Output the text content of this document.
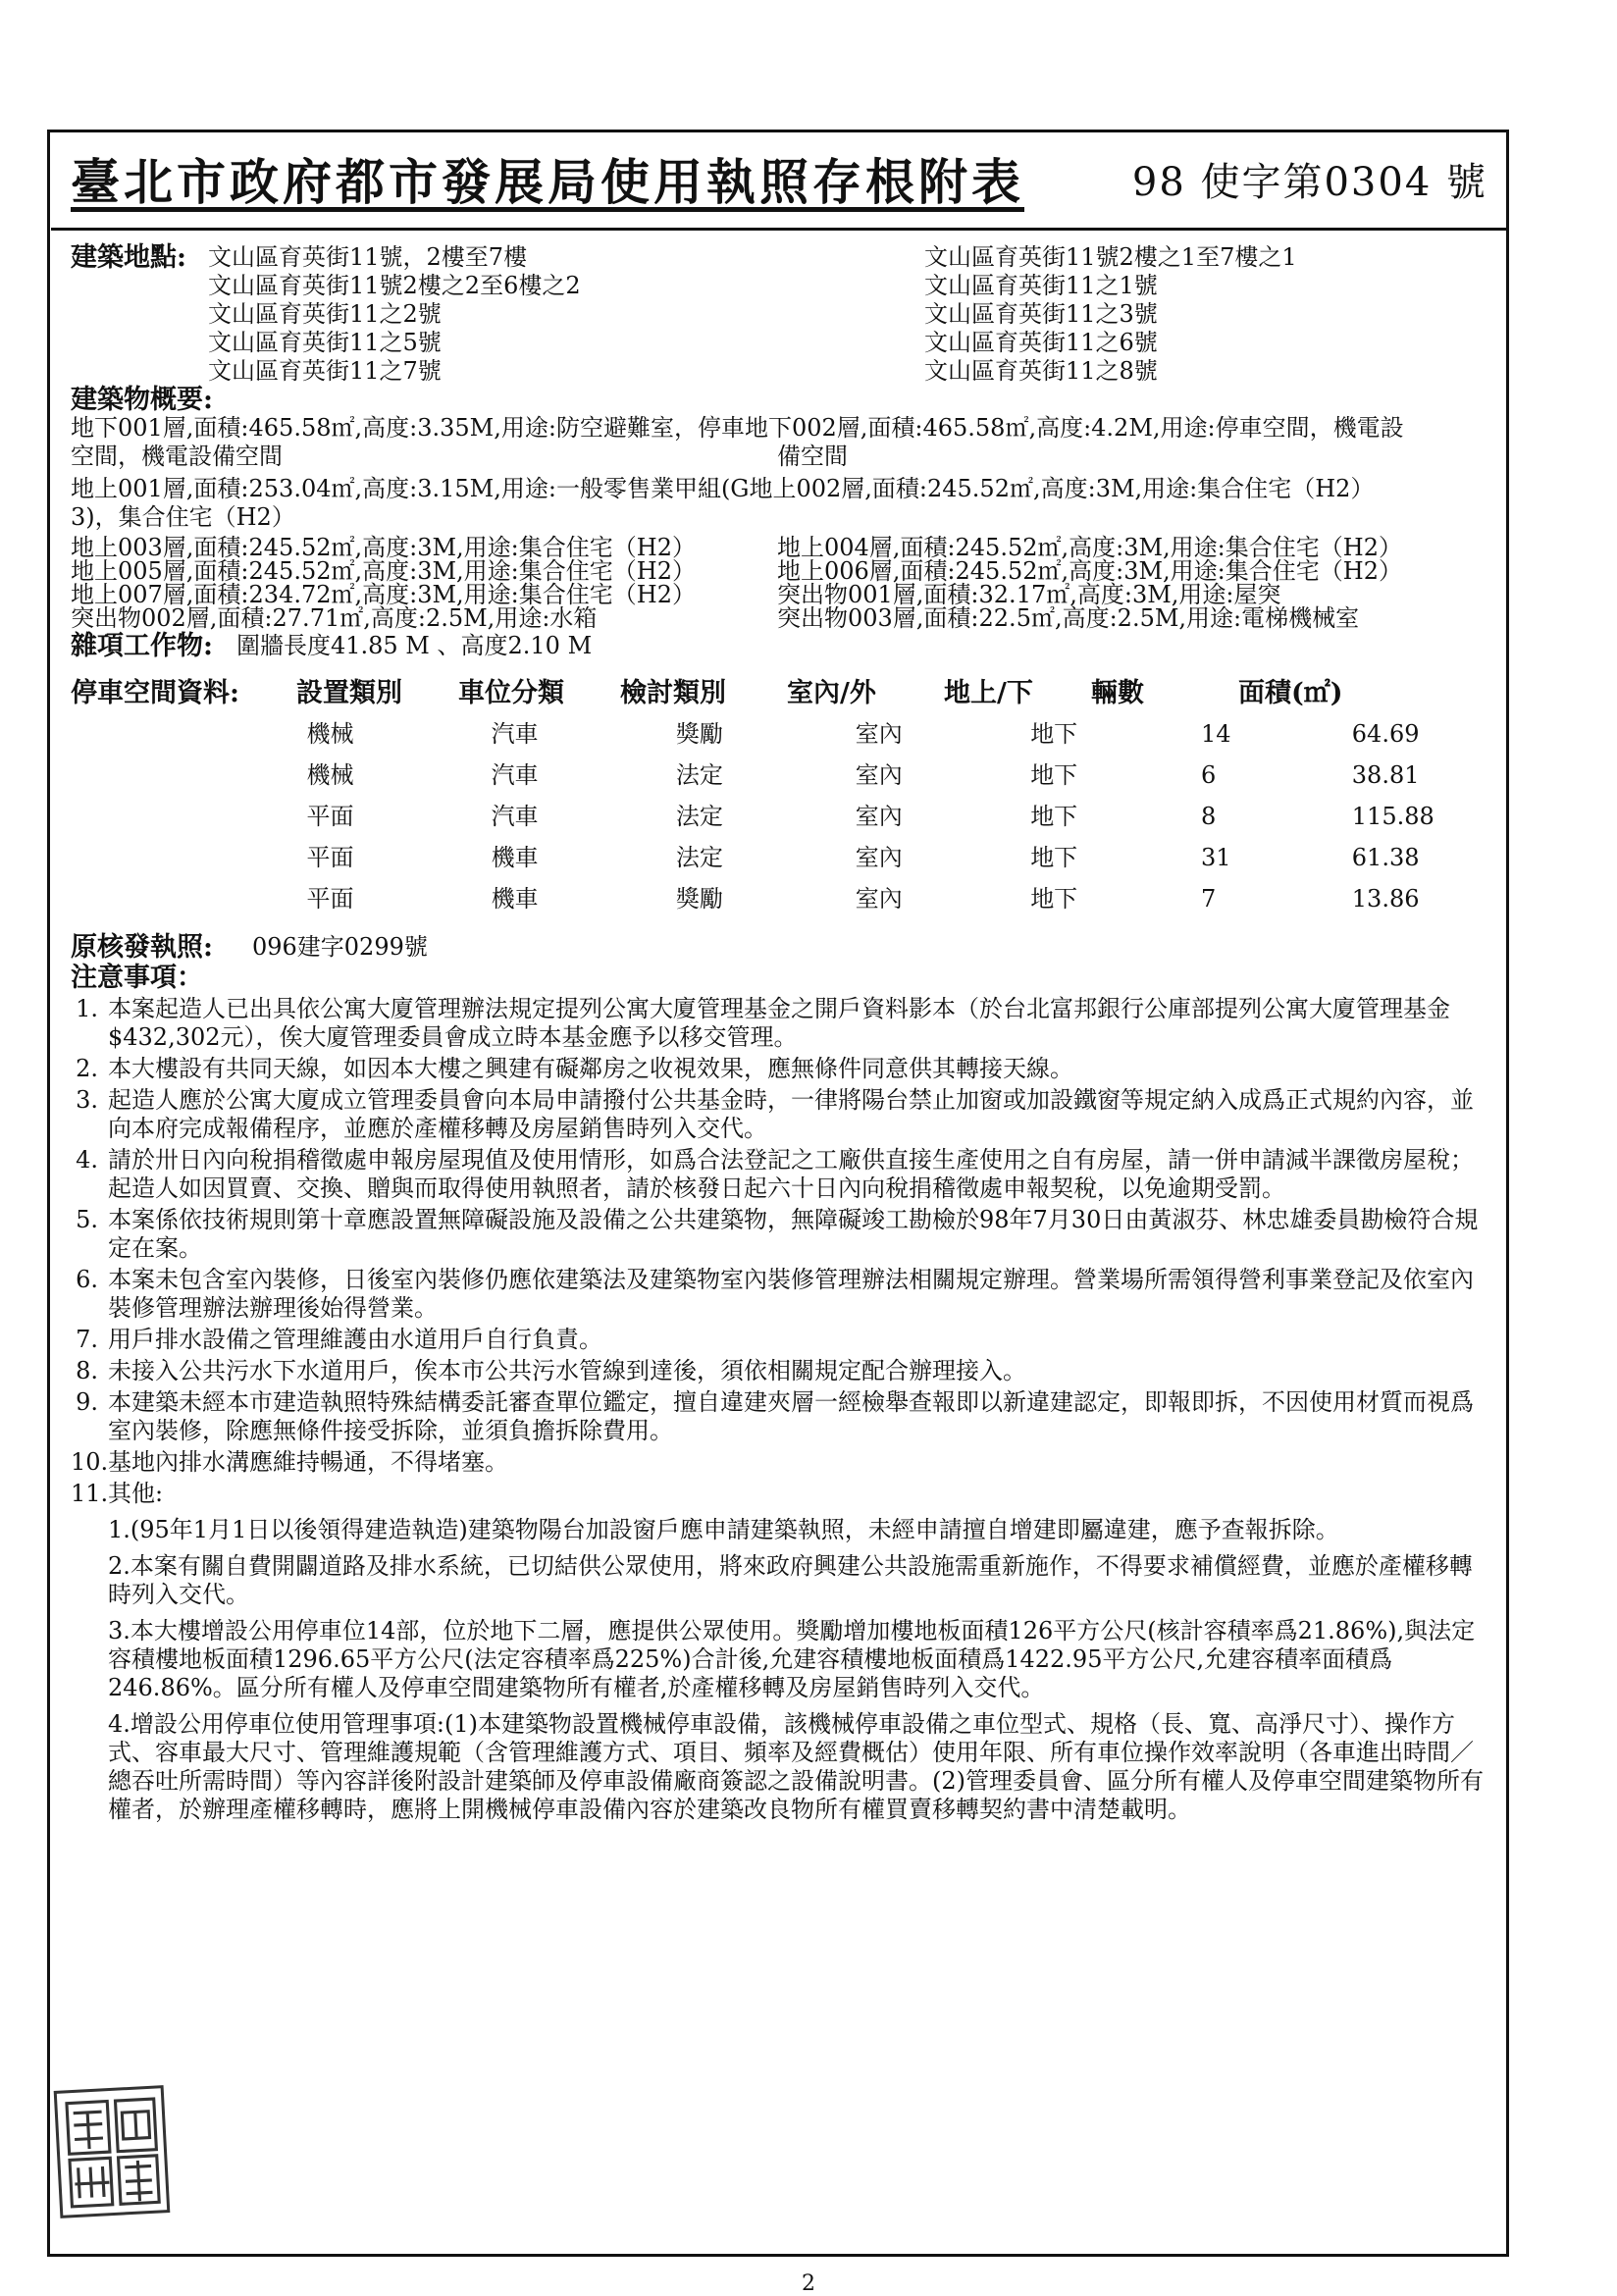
臺北市政府都市發展局使用執照存根附表	98 使字第0304 號
建築地點: 文山區育英街11號，2樓至7樓
文山區育英街11號2樓之2至6樓之2
文山區育英街11之2號
文山區育英街11之5號
文山區育英街11之7號
文山區育英街11號2樓之1至7樓之1
文山區育英街11之1號
文山區育英街11之3號
文山區育英街11之6號
文山區育英街11之8號
建築物概要:
地下001層,面積:465.58㎡,高度:3.35M,用途:防空避難室，停車地下002層,面積:465.58㎡,高度:4.2M,用途:停車空間，機電設
空間，機電設備空間	備空間
地上001層,面積:253.04㎡,高度:3.15M,用途:一般零售業甲組(G地上002層,面積:245.52㎡,高度:3M,用途:集合住宅（H2）
3)，集合住宅（H2）
地上003層,面積:245.52㎡,高度:3M,用途:集合住宅（H2）	地上004層,面積:245.52㎡,高度:3M,用途:集合住宅（H2）
地上005層,面積:245.52㎡,高度:3M,用途:集合住宅（H2）	地上006層,面積:245.52㎡,高度:3M,用途:集合住宅（H2）
地上007層,面積:234.72㎡,高度:3M,用途:集合住宅（H2）	突出物001層,面積:32.17㎡,高度:3M,用途:屋突
突出物002層,面積:27.71㎡,高度:2.5M,用途:水箱	突出物003層,面積:22.5㎡,高度:2.5M,用途:電梯機械室
雜項工作物: 圍牆長度41.85 M 、高度2.10 M
停車空間資料:	設置類別	車位分類	檢討類別	室內/外	地上/下	輛數	面積(㎡)
機械	汽車	獎勵	室內	地下	14	64.69
機械	汽車	法定	室內	地下	6	38.81
平面	汽車	法定	室內	地下	8	115.88
平面	機車	法定	室內	地下	31	61.38
平面	機車	獎勵	室內	地下	7	13.86
原核發執照: 096建字0299號
注意事項：
1. 本案起造人已出具依公寓大廈管理辦法規定提列公寓大廈管理基金之開戶資料影本（於台北富邦銀行公庫部提列公寓大廈管理基金$432,302元），俟大廈管理委員會成立時本基金應予以移交管理。
2. 本大樓設有共同天線，如因本大樓之興建有礙鄰房之收視效果，應無條件同意供其轉接天線。
3. 起造人應於公寓大廈成立管理委員會向本局申請撥付公共基金時，一律將陽台禁止加窗或加設鐵窗等規定納入成爲正式規約內容，並向本府完成報備程序，並應於產權移轉及房屋銷售時列入交代。
4. 請於卅日內向稅捐稽徵處申報房屋現值及使用情形，如爲合法登記之工廠供直接生產使用之自有房屋，請一併申請減半課徵房屋稅；起造人如因買賣、交換、贈與而取得使用執照者，請於核發日起六十日內向稅捐稽徵處申報契稅，以免逾期受罰。
5. 本案係依技術規則第十章應設置無障礙設施及設備之公共建築物，無障礙竣工勘檢於98年7月30日由黃淑芬、林忠雄委員勘檢符合規定在案。
6. 本案未包含室內裝修，日後室內裝修仍應依建築法及建築物室內裝修管理辦法相關規定辦理。營業場所需領得營利事業登記及依室內裝修管理辦法辦理後始得營業。
7. 用戶排水設備之管理維護由水道用戶自行負責。
8. 未接入公共污水下水道用戶，俟本市公共污水管線到達後，須依相關規定配合辦理接入。
9. 本建築未經本市建造執照特殊結構委託審查單位鑑定，擅自違建夾層一經檢舉查報即以新違建認定，即報即拆，不因使用材質而視爲室內裝修，除應無條件接受拆除，並須負擔拆除費用。
10. 基地內排水溝應維持暢通，不得堵塞。
11. 其他:
1.(95年1月1日以後領得建造執造)建築物陽台加設窗戶應申請建築執照，未經申請擅自增建即屬違建，應予查報拆除。
2.本案有關自費開闢道路及排水系統，已切結供公眾使用，將來政府興建公共設施需重新施作，不得要求補償經費，並應於產權移轉時列入交代。
3.本大樓增設公用停車位14部，位於地下二層，應提供公眾使用。獎勵增加樓地板面積126平方公尺(核計容積率爲21.86%),與法定容積樓地板面積1296.65平方公尺(法定容積率爲225%)合計後,允建容積樓地板面積爲1422.95平方公尺,允建容積率面積爲246.86%。區分所有權人及停車空間建築物所有權者,於產權移轉及房屋銷售時列入交代。
4.增設公用停車位使用管理事項:(1)本建築物設置機械停車設備，該機械停車設備之車位型式、規格（長、寬、高淨尺寸）、操作方式、容車最大尺寸、管理維護規範（含管理維護方式、項目、頻率及經費概估）使用年限、所有車位操作效率說明（各車進出時間／總吞吐所需時間）等內容詳後附設計建築師及停車設備廠商簽認之設備說明書。(2)管理委員會、區分所有權人及停車空間建築物所有權者，於辦理產權移轉時，應將上開機械停車設備內容於建築改良物所有權買賣移轉契約書中清楚載明。
2
